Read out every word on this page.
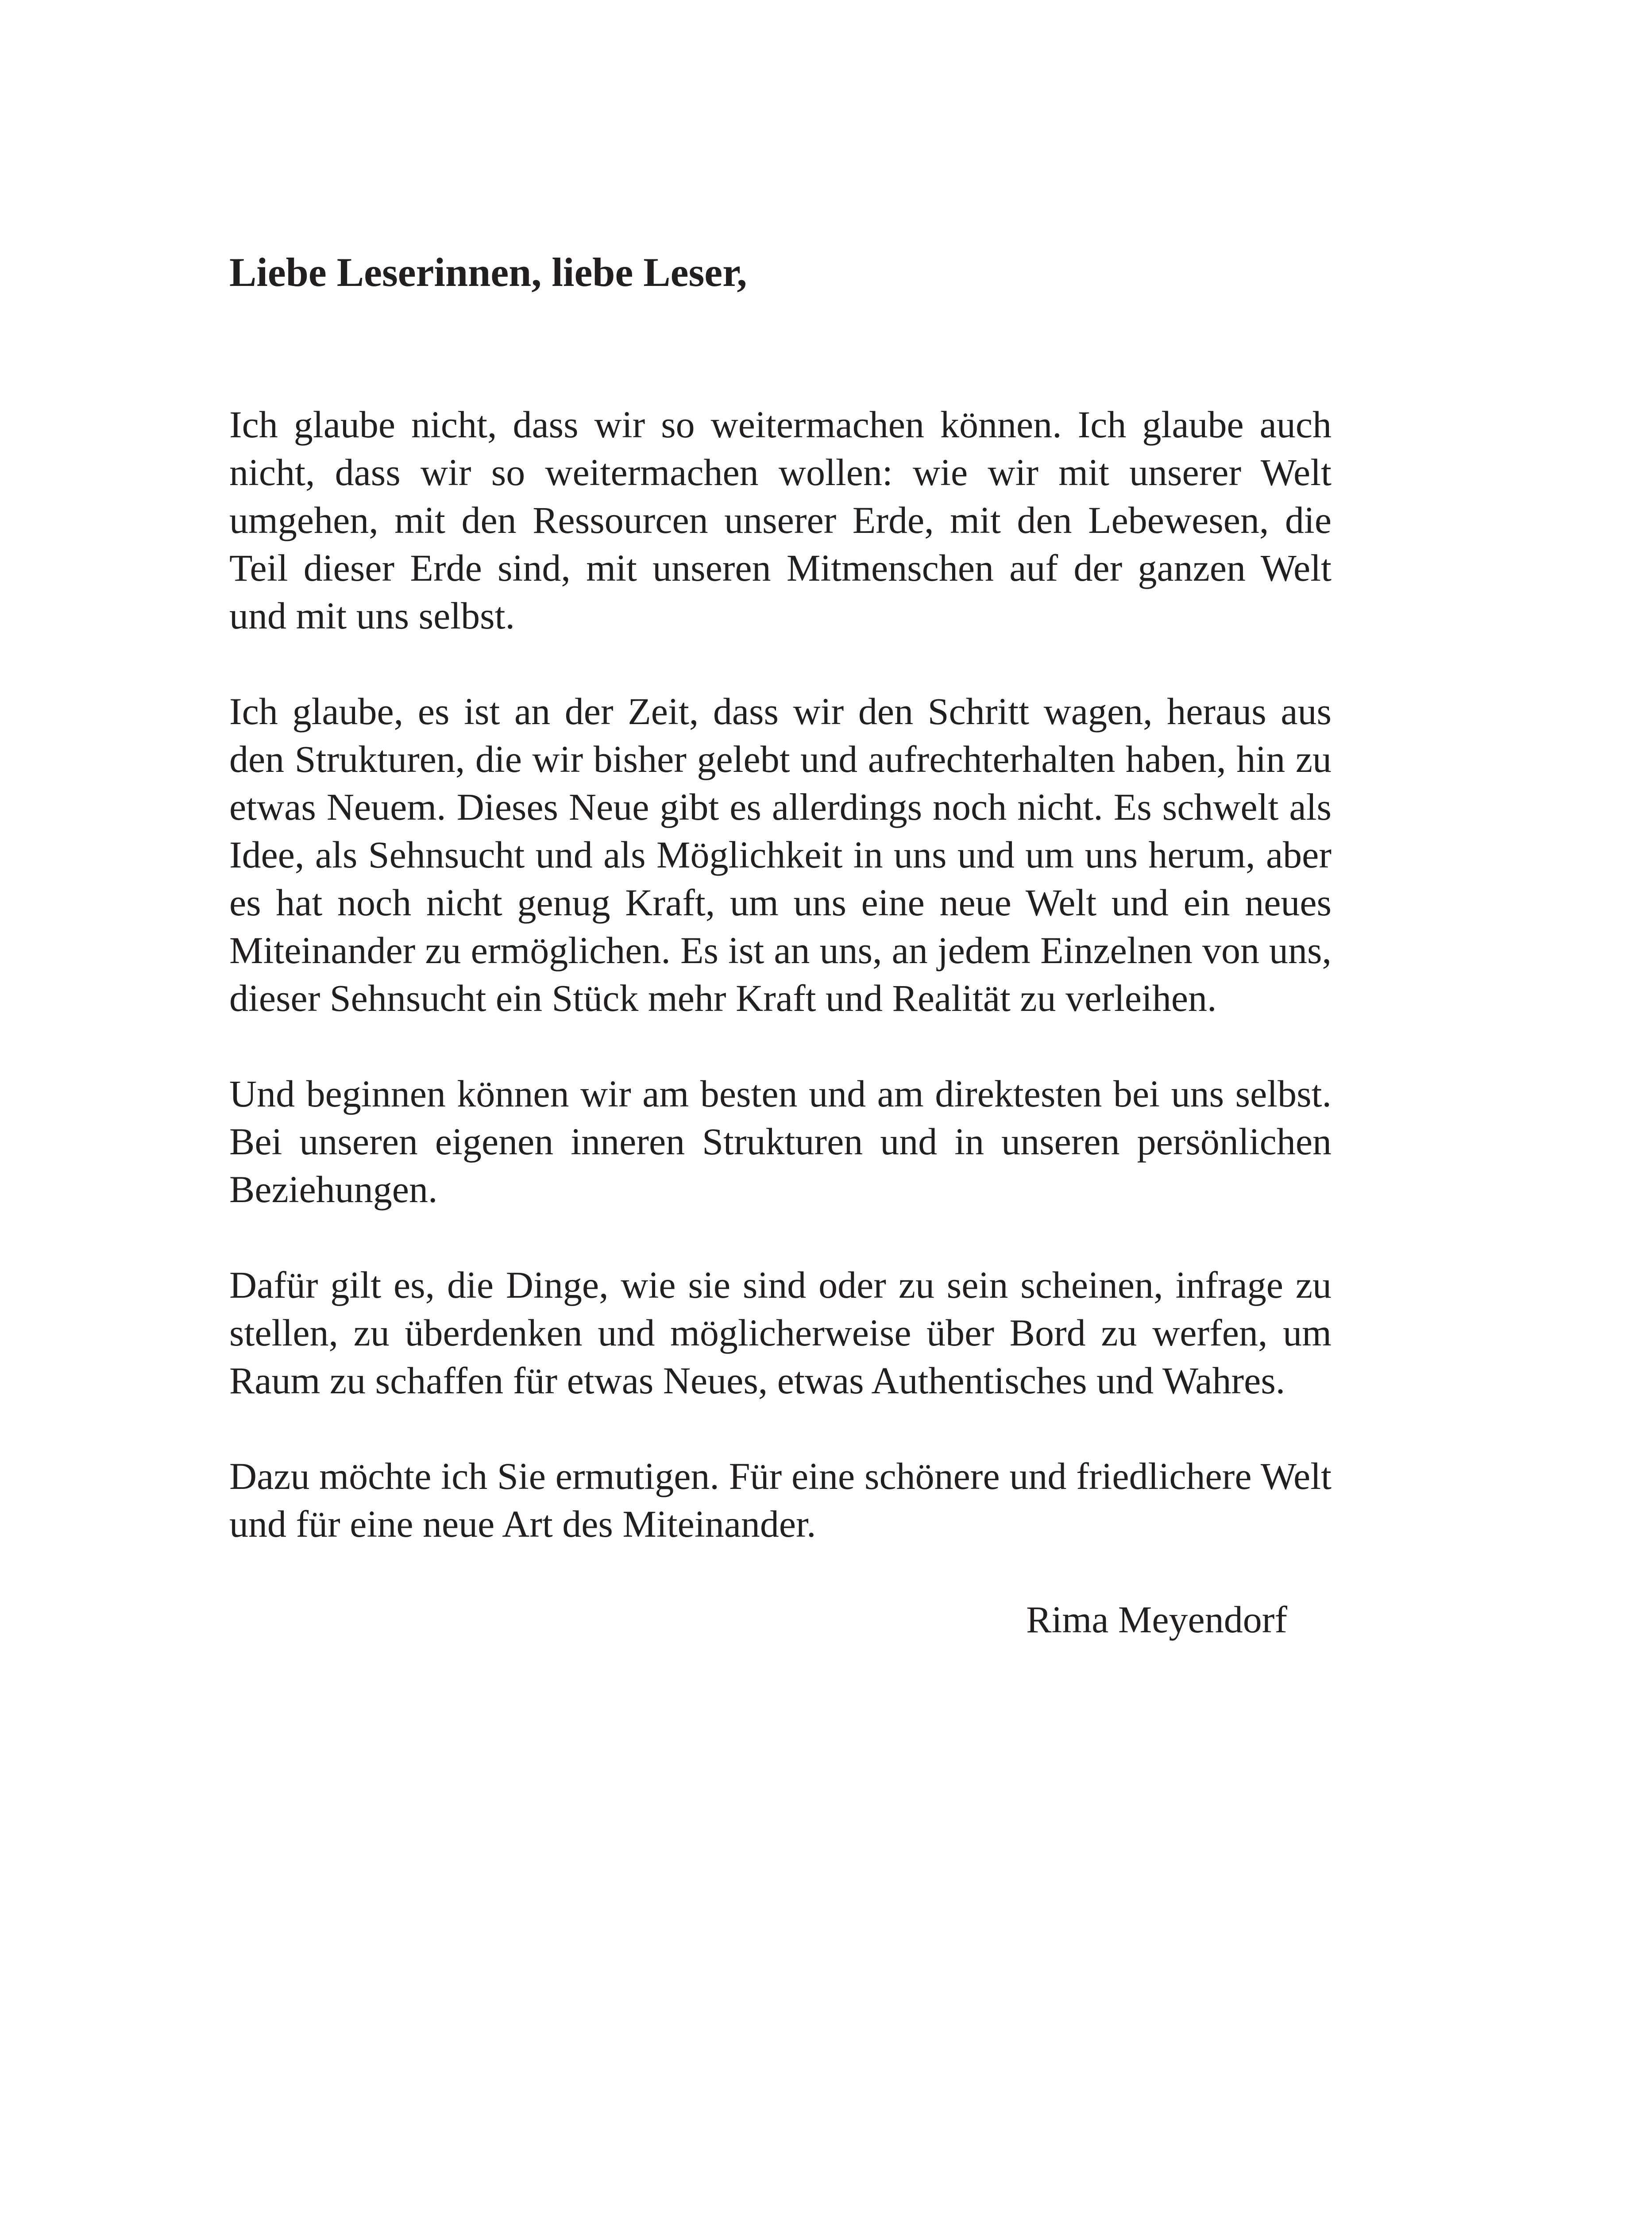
Liebe Leserinnen, liebe Leser,

Ich glaube nicht, dass wir so weitermachen können. Ich glaube auch nicht, dass wir so weitermachen wollen: wie wir mit unserer Welt umgehen, mit den Ressourcen unserer Erde, mit den Lebewesen, die Teil dieser Erde sind, mit unseren Mitmenschen auf der ganzen Welt und mit uns selbst.

Ich glaube, es ist an der Zeit, dass wir den Schritt wagen, heraus aus den Strukturen, die wir bisher gelebt und aufrechterhalten haben, hin zu etwas Neuem. Dieses Neue gibt es allerdings noch nicht. Es schwelt als Idee, als Sehnsucht und als Möglichkeit in uns und um uns herum, aber es hat noch nicht genug Kraft, um uns eine neue Welt und ein neues Miteinander zu ermöglichen. Es ist an uns, an jedem Einzelnen von uns, dieser Sehnsucht ein Stück mehr Kraft und Realität zu verleihen.

Und beginnen können wir am besten und am direktesten bei uns selbst. Bei unseren eigenen inneren Strukturen und in unseren persönlichen Beziehungen.

Dafür gilt es, die Dinge, wie sie sind oder zu sein scheinen, infrage zu stellen, zu überdenken und möglicherweise über Bord zu werfen, um Raum zu schaffen für etwas Neues, etwas Authentisches und Wahres.

Dazu möchte ich Sie ermutigen. Für eine schönere und friedlichere Welt und für eine neue Art des Miteinander.

Rima Meyendorf
